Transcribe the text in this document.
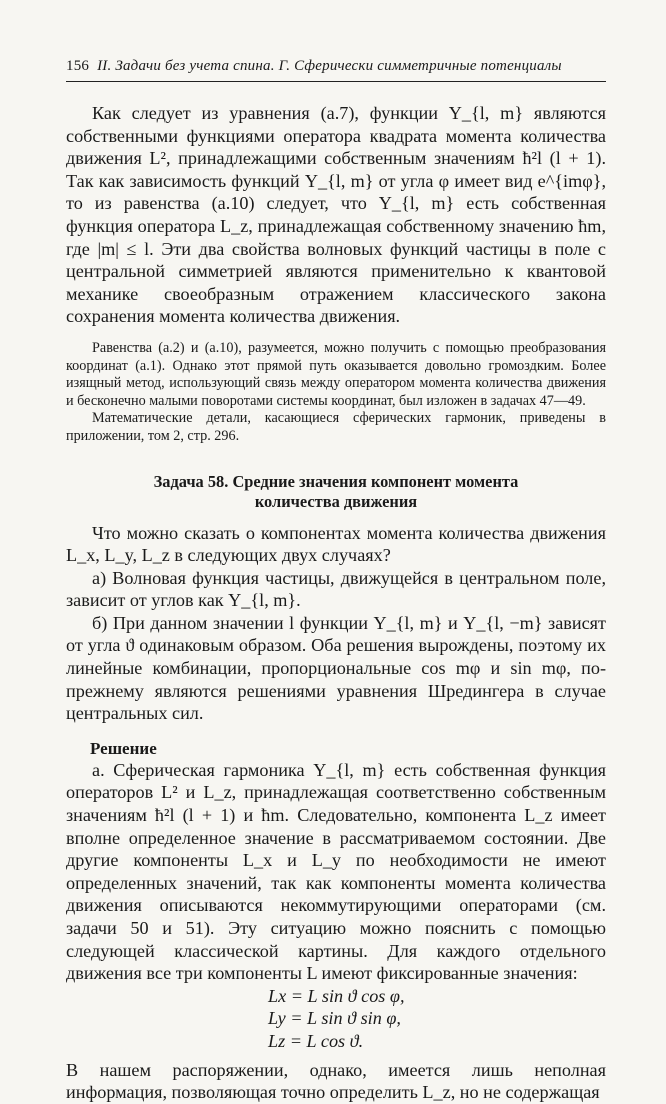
156 II. Задачи без учета спина. Г. Сферически симметричные потенциалы

Как следует из уравнения (а.7), функции Y_{l, m} являются собственными функциями оператора квадрата момента количества движения L², принадлежащими собственным значениям ħ²l (l + 1). Так как зависимость функций Y_{l, m} от угла φ имеет вид e^{imφ}, то из равенства (а.10) следует, что Y_{l, m} есть собственная функция оператора L_z, принадлежащая собственному значению ħm, где |m| ≤ l. Эти два свойства волновых функций частицы в поле с центральной симметрией являются применительно к квантовой механике своеобразным отражением классического закона сохранения момента количества движения.

Равенства (а.2) и (а.10), разумеется, можно получить с помощью преобразования координат (а.1). Однако этот прямой путь оказывается довольно громоздким. Более изящный метод, использующий связь между оператором момента количества движения и бесконечно малыми поворотами системы координат, был изложен в задачах 47—49.

Математические детали, касающиеся сферических гармоник, приведены в приложении, том 2, стр. 296.

Задача 58. Средние значения компонент момента

количества движения

Что можно сказать о компонентах момента количества движения L_x, L_y, L_z в следующих двух случаях?

а) Волновая функция частицы, движущейся в центральном поле, зависит от углов как Y_{l, m}.

б) При данном значении l функции Y_{l, m} и Y_{l, −m} зависят от угла ϑ одинаковым образом. Оба решения вырождены, поэтому их линейные комбинации, пропорциональные cos mφ и sin mφ, по-прежнему являются решениями уравнения Шредингера в случае центральных сил.

Решение

а. Сферическая гармоника Y_{l, m} есть собственная функция операторов L² и L_z, принадлежащая соответственно собственным значениям ħ²l (l + 1) и ħm. Следовательно, компонента L_z имеет вполне определенное значение в рассматриваемом состоянии. Две другие компоненты L_x и L_y по необходимости не имеют определенных значений, так как компоненты момента количества движения описываются некоммутирующими операторами (см. задачи 50 и 51). Эту ситуацию можно пояснить с помощью следующей классической картины. Для каждого отдельного движения все три компоненты L имеют фиксированные значения:

Lx = L sin ϑ cos φ,
Ly = L sin ϑ sin φ,
Lz = L cos ϑ.

В нашем распоряжении, однако, имеется лишь неполная информация, позволяющая точно определить L_z, но не содержащая
